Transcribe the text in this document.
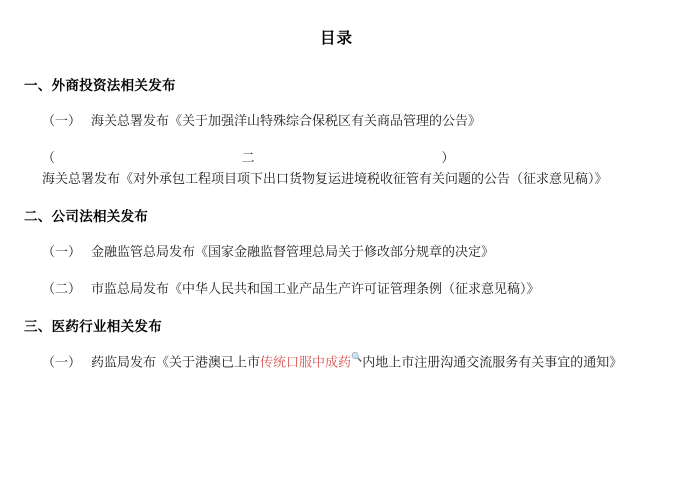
目录
一、外商投资法相关发布
（一） 海关总署发布《关于加强洋山特殊综合保税区有关商品管理的公告》
（二）海关总署发布《对外承包工程项目项下出口货物复运进境税收征管有关问题的公告（征求意见稿）》
二、公司法相关发布
（一） 金融监管总局发布《国家金融监督管理总局关于修改部分规章的决定》
（二） 市监总局发布《中华人民共和国工业产品生产许可证管理条例（征求意见稿）》
三、医药行业相关发布
（一） 药监局发布《关于港澳已上市传统口服中成药🔍内地上市注册沟通交流服务有关事宜的通知》
